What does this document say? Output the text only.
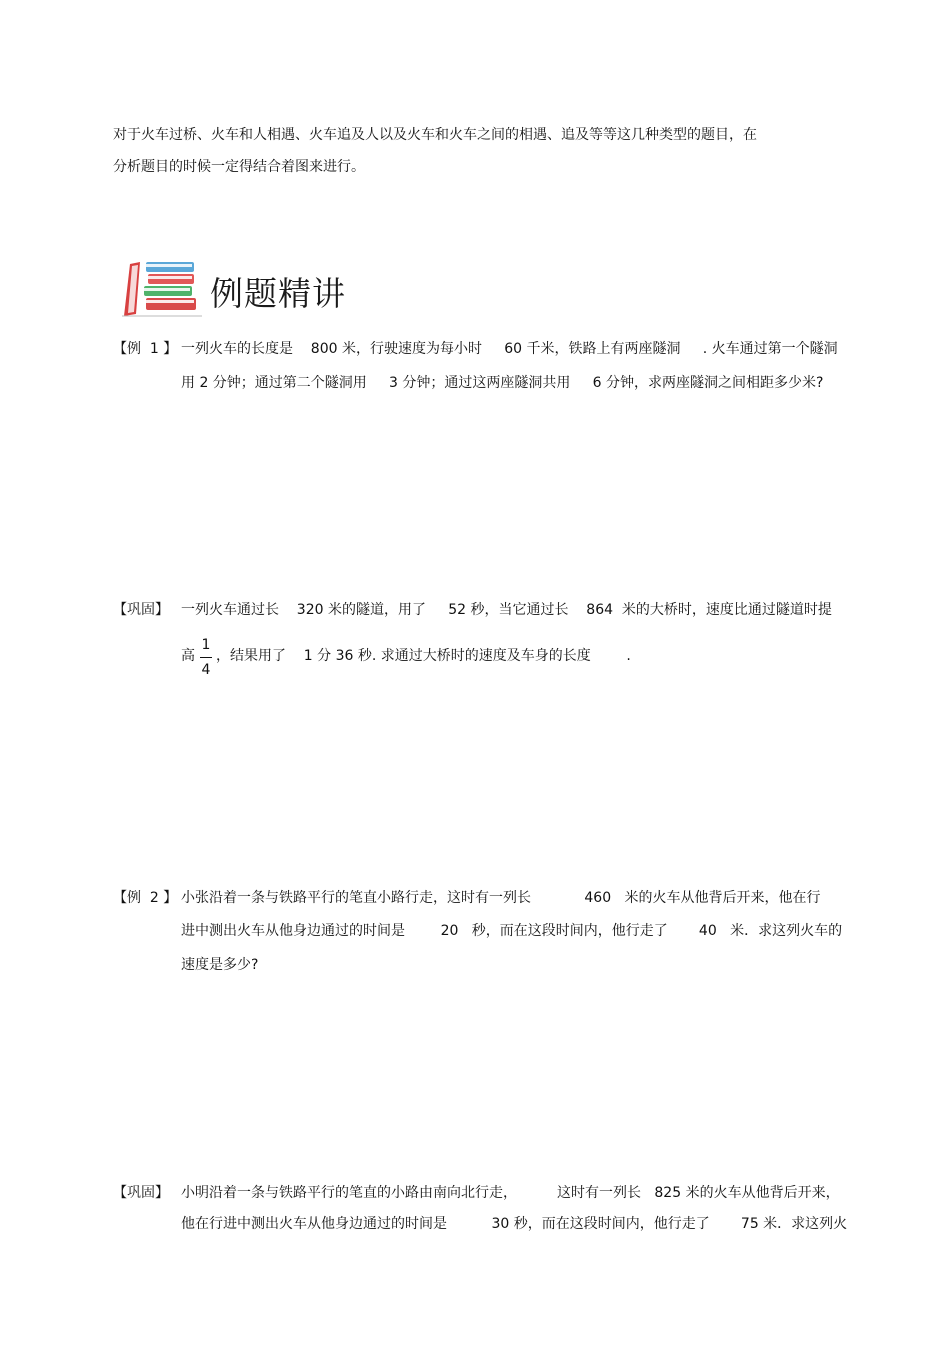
对于火车过桥、火车和人相遇、火车追及人以及火车和火车之间的相遇、追及等等这几种类型的题目，在
分析题目的时候一定得结合着图来进行。
例题精讲
【例  1 】 一列火车的长度是    800 米，行驶速度为每小时     60 千米，铁路上有两座隧洞     . 火车通过第一个隧洞
用 2 分钟；通过第二个隧洞用     3 分钟；通过这两座隧洞共用     6 分钟，求两座隧洞之间相距多少米?
【巩固】 一列火车通过长    320 米的隧道，用了     52 秒，当它通过长    864  米的大桥时，速度比通过隧道时提
高
1
4
，结果用了    1 分 36 秒. 求通过大桥时的速度及车身的长度        .
【例  2 】 小张沿着一条与铁路平行的笔直小路行走，这时有一列长            460   米的火车从他背后开来，他在行
进中测出火车从他身边通过的时间是        20   秒，而在这段时间内，他行走了       40   米．求这列火车的
速度是多少?
【巩固】 小明沿着一条与铁路平行的笔直的小路由南向北行走，         这时有一列长   825 米的火车从他背后开来，
他在行进中测出火车从他身边通过的时间是          30 秒，而在这段时间内，他行走了       75 米．求这列火
